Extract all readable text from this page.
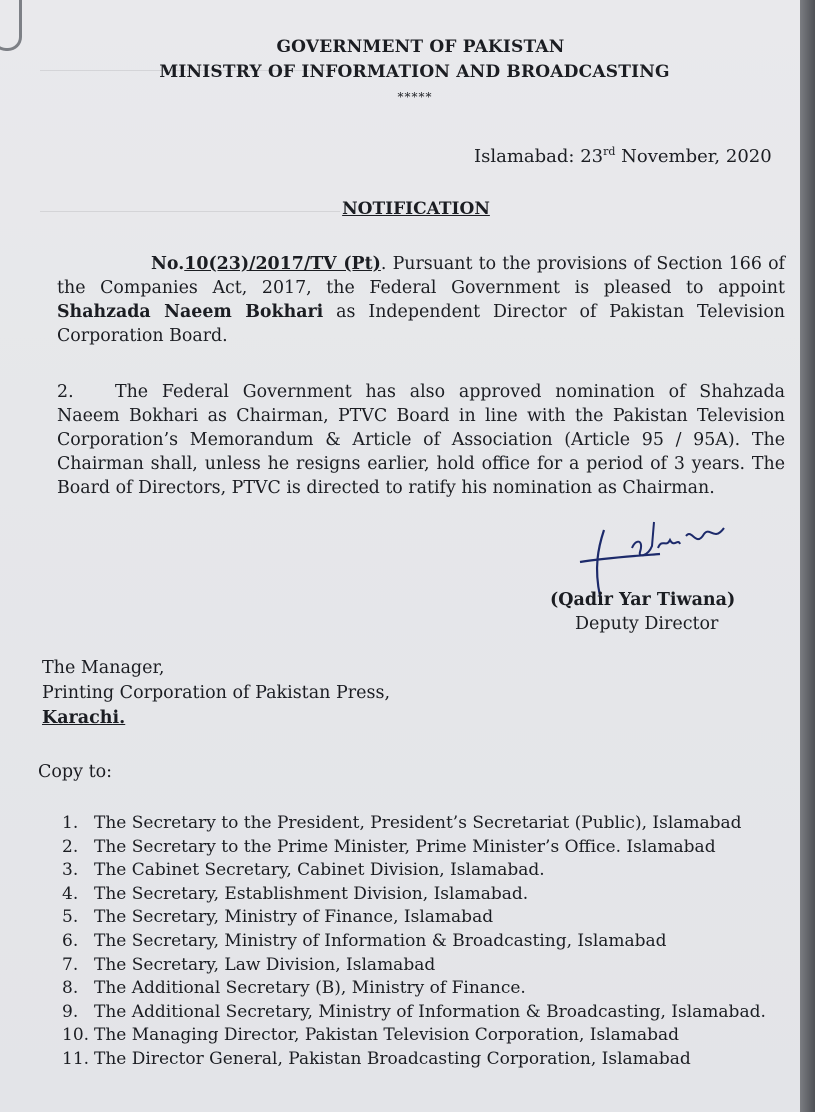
GOVERNMENT OF PAKISTAN
MINISTRY OF INFORMATION AND BROADCASTING
*****
Islamabad: 23rd November, 2020
NOTIFICATION
No.10(23)/2017/TV (Pt). Pursuant to the provisions of Section 166 of the Companies Act, 2017, the Federal Government is pleased to appoint Shahzada Naeem Bokhari as Independent Director of Pakistan Television Corporation Board.
2. The Federal Government has also approved nomination of Shahzada Naeem Bokhari as Chairman, PTVC Board in line with the Pakistan Television Corporation’s Memorandum & Article of Association (Article 95 / 95A). The Chairman shall, unless he resigns earlier, hold office for a period of 3 years. The Board of Directors, PTVC is directed to ratify his nomination as Chairman.
(Qadir Yar Tiwana)
Deputy Director
The Manager,
Printing Corporation of Pakistan Press,
Karachi.
Copy to:
1. The Secretary to the President, President’s Secretariat (Public), Islamabad
2. The Secretary to the Prime Minister, Prime Minister’s Office. Islamabad
3. The Cabinet Secretary, Cabinet Division, Islamabad.
4. The Secretary, Establishment Division, Islamabad.
5. The Secretary, Ministry of Finance, Islamabad
6. The Secretary, Ministry of Information & Broadcasting, Islamabad
7. The Secretary, Law Division, Islamabad
8. The Additional Secretary (B), Ministry of Finance.
9. The Additional Secretary, Ministry of Information & Broadcasting, Islamabad.
10. The Managing Director, Pakistan Television Corporation, Islamabad
11. The Director General, Pakistan Broadcasting Corporation, Islamabad
